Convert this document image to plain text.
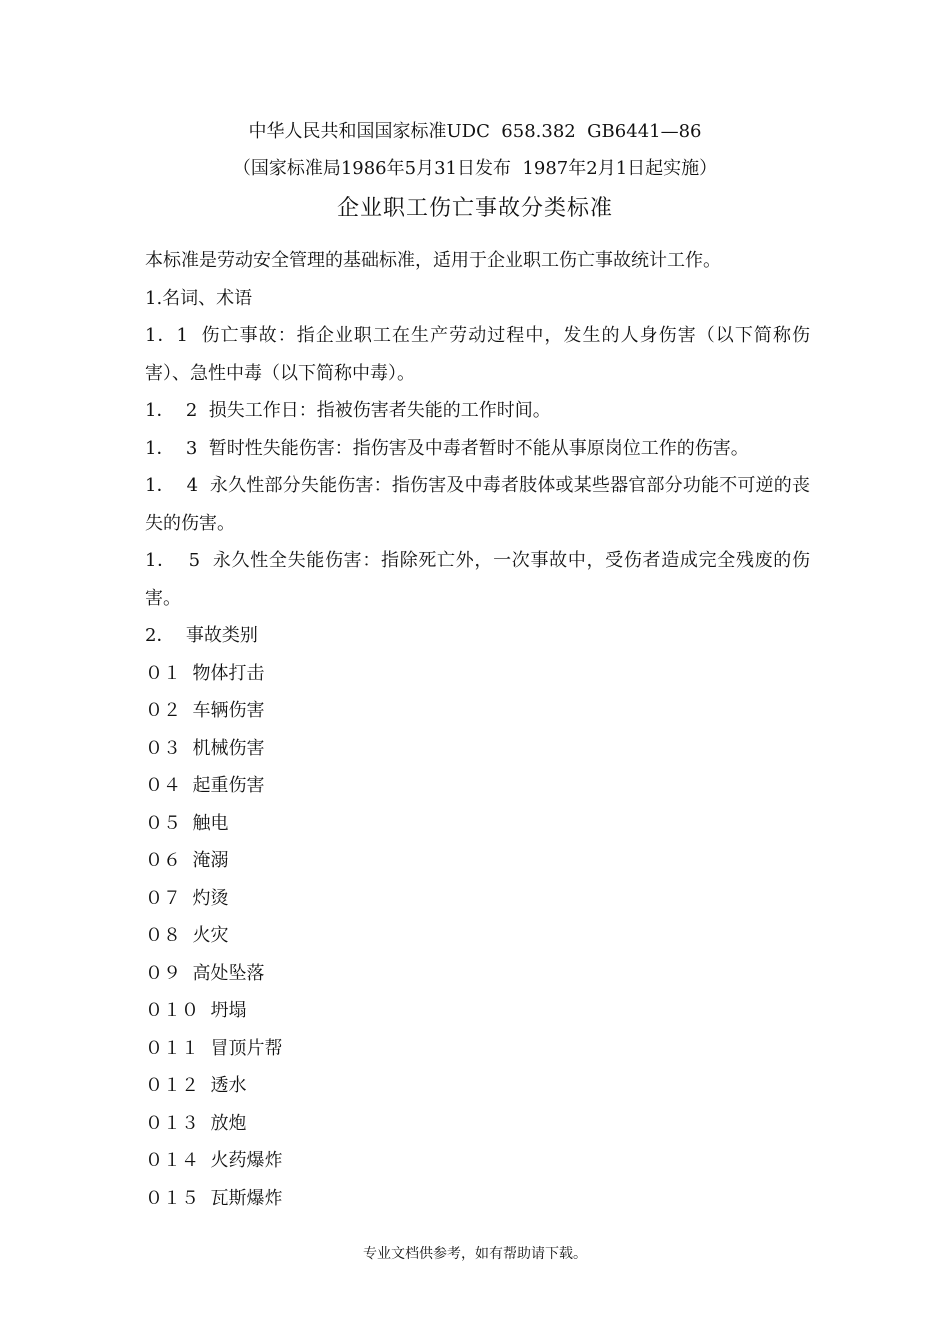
中华人民共和国国家标准UDC  658.382  GB6441—86
（国家标准局1986年5月31日发布  1987年2月1日起实施）
企业职工伤亡事故分类标准

本标准是劳动安全管理的基础标准，适用于企业职工伤亡事故统计工作。

1.名词、术语

1．1  伤亡事故：指企业职工在生产劳动过程中，发生的人身伤害（以下简称伤害）、急性中毒（以下简称中毒）。

1．  2  损失工作日：指被伤害者失能的工作时间。

1．  3  暂时性失能伤害：指伤害及中毒者暂时不能从事原岗位工作的伤害。

1．  4  永久性部分失能伤害：指伤害及中毒者肢体或某些器官部分功能不可逆的丧失的伤害。

1．  5  永久性全失能伤害：指除死亡外，一次事故中，受伤者造成完全残废的伤害。

2．  事故类别

０１  物体打击

０２  车辆伤害

０３  机械伤害

０４  起重伤害

０５  触电

０６  淹溺

０７  灼烫

０８  火灾

０９  高处坠落

０１０  坍塌

０１１  冒顶片帮

０１２  透水

０１３  放炮

０１４  火药爆炸

０１５  瓦斯爆炸

专业文档供参考，如有帮助请下载。
